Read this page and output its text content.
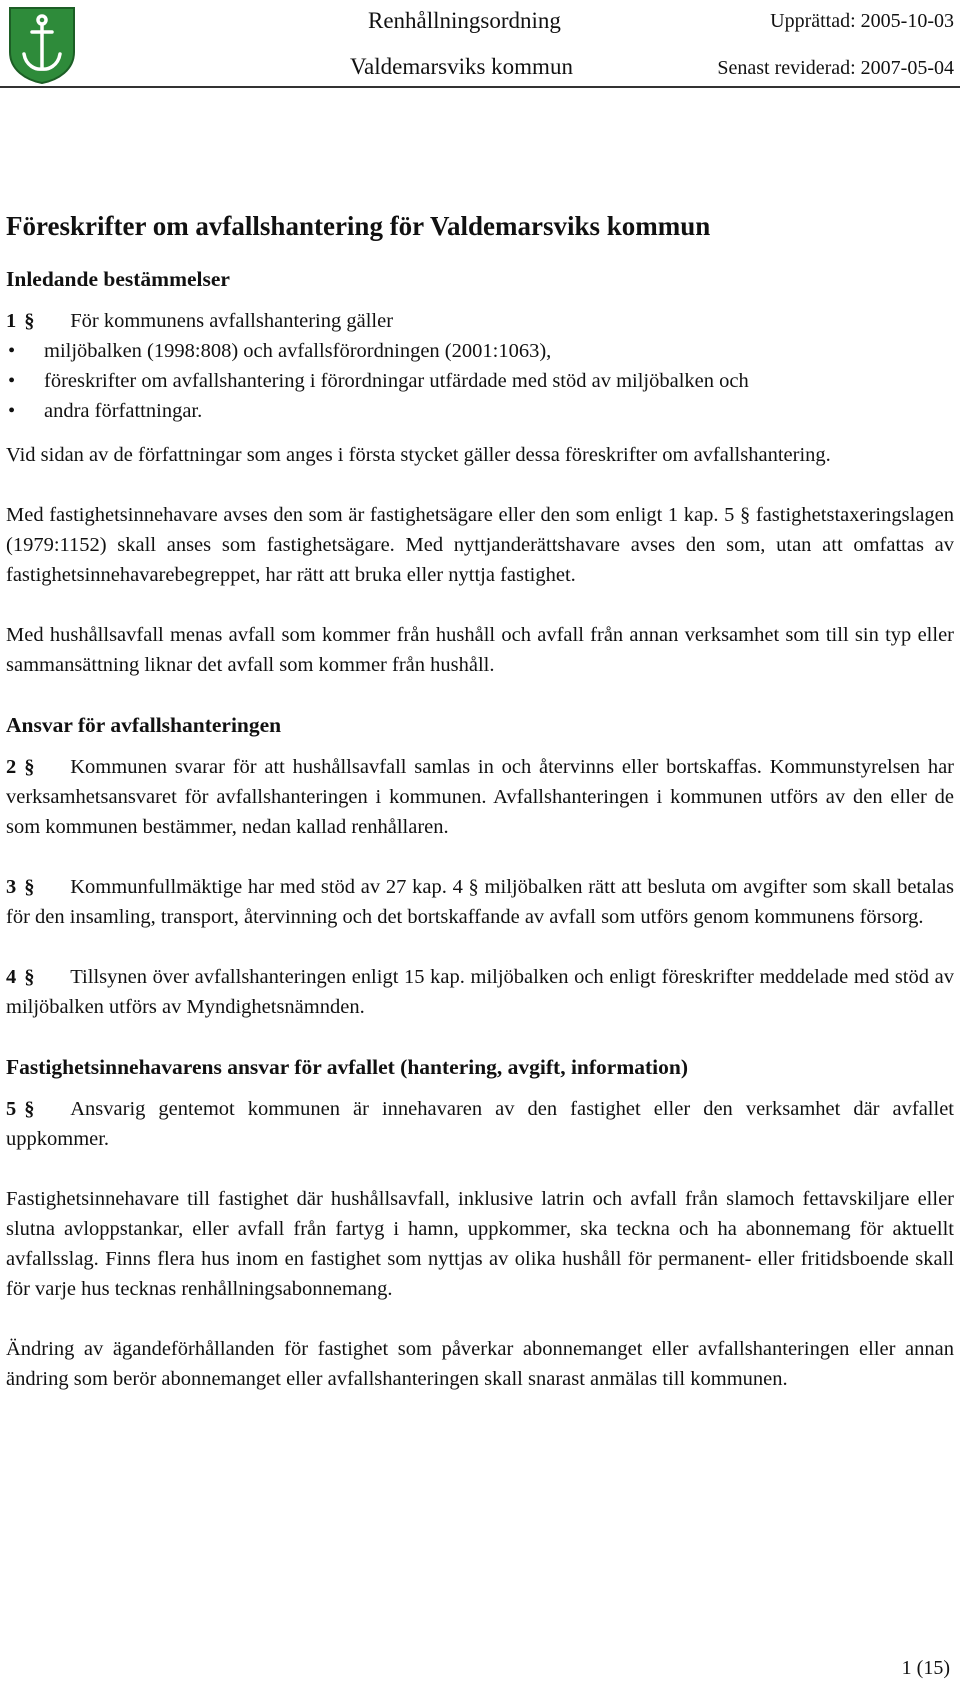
Renhållningsordning
Valdemarsviks kommun
Upprättad: 2005-10-03
Senast reviderad: 2007-05-04
Föreskrifter om avfallshantering för Valdemarsviks kommun
Inledande bestämmelser

1 § För kommunens avfallshantering gäller

• miljöbalken (1998:808) och avfallsförordningen (2001:1063),
• föreskrifter om avfallshantering i förordningar utfärdade med stöd av miljöbalken och
• andra författningar.

Vid sidan av de författningar som anges i första stycket gäller dessa föreskrifter om avfallshantering.

Med fastighetsinnehavare avses den som är fastighetsägare eller den som enligt 1 kap. 5 § fastighetstaxeringslagen (1979:1152) skall anses som fastighetsägare. Med nyttjanderättshavare avses den som, utan att omfattas av fastighetsinnehavarebegreppet, har rätt att bruka eller nyttja fastighet.

Med hushållsavfall menas avfall som kommer från hushåll och avfall från annan verksamhet som till sin typ eller sammansättning liknar det avfall som kommer från hushåll.

Ansvar för avfallshanteringen

2 § Kommunen svarar för att hushållsavfall samlas in och återvinns eller bortskaffas. Kommunstyrelsen har verksamhetsansvaret för avfallshanteringen i kommunen. Avfallshanteringen i kommunen utförs av den eller de som kommunen bestämmer, nedan kallad renhållaren.

3 § Kommunfullmäktige har med stöd av 27 kap. 4 § miljöbalken rätt att besluta om avgifter som skall betalas för den insamling, transport, återvinning och det bortskaffande av avfall som utförs genom kommunens försorg.

4 § Tillsynen över avfallshanteringen enligt 15 kap. miljöbalken och enligt föreskrifter meddelade med stöd av miljöbalken utförs av Myndighetsnämnden.

Fastighetsinnehavarens ansvar för avfallet (hantering, avgift, information)

5 § Ansvarig gentemot kommunen är innehavaren av den fastighet eller den verksamhet där avfallet uppkommer.

Fastighetsinnehavare till fastighet där hushållsavfall, inklusive latrin och avfall från slamoch fettavskiljare eller slutna avloppstankar, eller avfall från fartyg i hamn, uppkommer, ska teckna och ha abonnemang för aktuellt avfallsslag. Finns flera hus inom en fastighet som nyttjas av olika hushåll för permanent- eller fritidsboende skall för varje hus tecknas renhållningsabonnemang.

Ändring av ägandeförhållanden för fastighet som påverkar abonnemanget eller avfallshanteringen eller annan ändring som berör abonnemanget eller avfallshanteringen skall snarast anmälas till kommunen.

1 (15)
